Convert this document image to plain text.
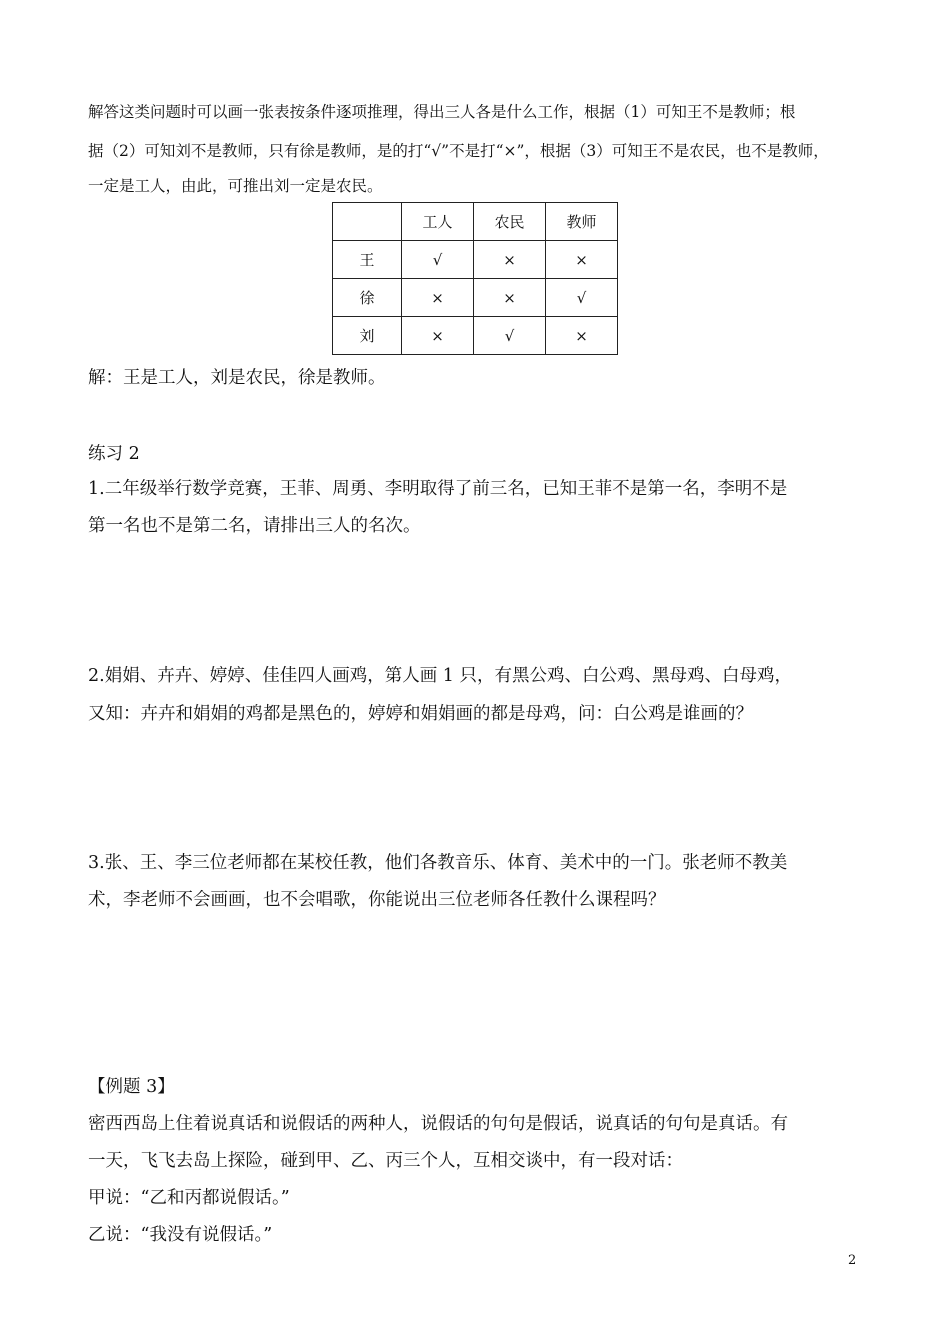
解答这类问题时可以画一张表按条件逐项推理，得出三人各是什么工作，根据（1）可知王不是教师；根
据（2）可知刘不是教师，只有徐是教师，是的打“√”不是打“×”，根据（3）可知王不是农民，也不是教师，
一定是工人，由此，可推出刘一定是农民。
	工人	农民	教师
王	√	×	×
徐	×	×	√
刘	×	√	×
解：王是工人，刘是农民，徐是教师。
练习 2
1.二年级举行数学竞赛，王菲、周勇、李明取得了前三名，已知王菲不是第一名，李明不是
第一名也不是第二名，请排出三人的名次。
2.娟娟、卉卉、婷婷、佳佳四人画鸡，第人画 1 只，有黑公鸡、白公鸡、黑母鸡、白母鸡，
又知：卉卉和娟娟的鸡都是黑色的，婷婷和娟娟画的都是母鸡，问：白公鸡是谁画的？
3.张、王、李三位老师都在某校任教，他们各教音乐、体育、美术中的一门。张老师不教美
术，李老师不会画画，也不会唱歌，你能说出三位老师各任教什么课程吗？
【例题 3】
密西西岛上住着说真话和说假话的两种人，说假话的句句是假话，说真话的句句是真话。有
一天，飞飞去岛上探险，碰到甲、乙、丙三个人，互相交谈中，有一段对话：
甲说：“乙和丙都说假话。”
乙说：“我没有说假话。”
2
